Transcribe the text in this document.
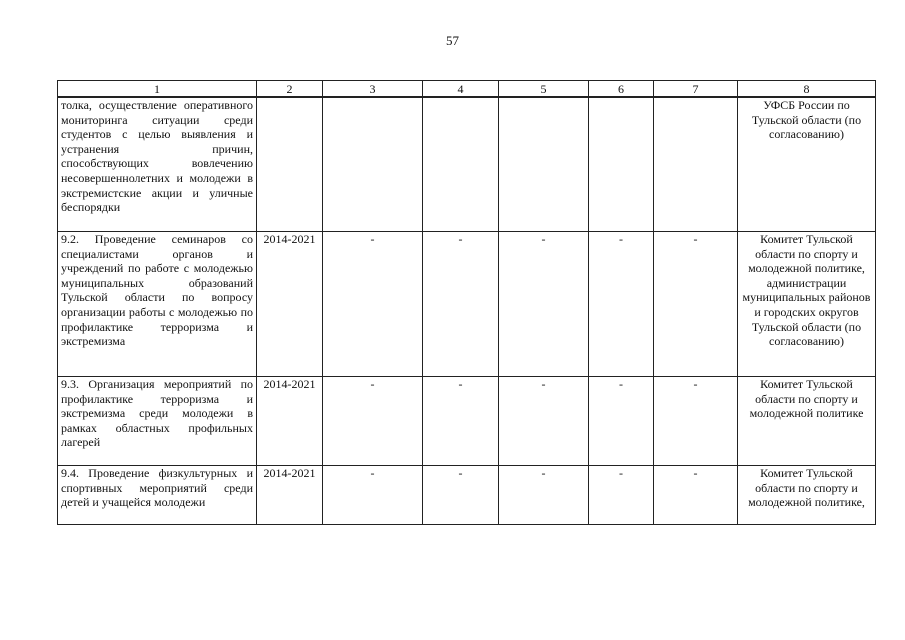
57
1	2	3	4	5	6	7	8
толка, осуществление оперативного мониторинга ситуации среди студентов с целью выявления и устранения причин, способствующих вовлечению несовершеннолетних и молодежи в экстремистские акции и уличные беспорядки							УФСБ России по Тульской области (по согласованию)
9.2. Проведение семинаров со специалистами органов и учреждений по работе с молодежью муниципальных образований Тульской области по вопросу организации работы с молодежью по профилактике терроризма и экстремизма	2014-2021	-	-	-	-	-	Комитет Тульской области по спорту и молодежной политике, администрации муниципальных районов и городских округов Тульской области (по согласованию)
9.3. Организация мероприятий по профилактике терроризма и экстремизма среди молодежи в рамках областных профильных лагерей	2014-2021	-	-	-	-	-	Комитет Тульской области по спорту и молодежной политике
9.4. Проведение физкультурных и спортивных мероприятий среди детей и учащейся молодежи	2014-2021	-	-	-	-	-	Комитет Тульской области по спорту и молодежной политике,
